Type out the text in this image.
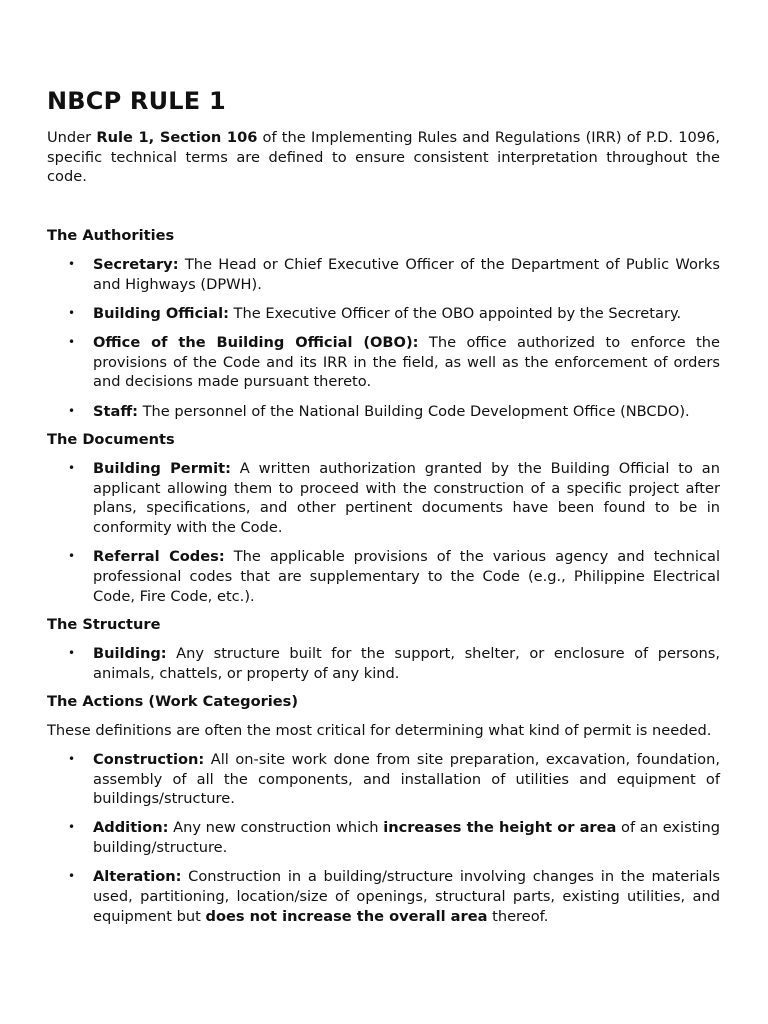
NBCP RULE 1

Under Rule 1, Section 106 of the Implementing Rules and Regulations (IRR) of P.D. 1096, specific technical terms are defined to ensure consistent interpretation throughout the code.

The Authorities
• Secretary: The Head or Chief Executive Officer of the Department of Public Works and Highways (DPWH).
• Building Official: The Executive Officer of the OBO appointed by the Secretary.
• Office of the Building Official (OBO): The office authorized to enforce the provisions of the Code and its IRR in the field, as well as the enforcement of orders and decisions made pursuant thereto.
• Staff: The personnel of the National Building Code Development Office (NBCDO).
The Documents
• Building Permit: A written authorization granted by the Building Official to an applicant allowing them to proceed with the construction of a specific project after plans, specifications, and other pertinent documents have been found to be in conformity with the Code.
• Referral Codes: The applicable provisions of the various agency and technical professional codes that are supplementary to the Code (e.g., Philippine Electrical Code, Fire Code, etc.).
The Structure
• Building: Any structure built for the support, shelter, or enclosure of persons, animals, chattels, or property of any kind.
The Actions (Work Categories)

These definitions are often the most critical for determining what kind of permit is needed.

• Construction: All on-site work done from site preparation, excavation, foundation, assembly of all the components, and installation of utilities and equipment of buildings/structure.
• Addition: Any new construction which increases the height or area of an existing building/structure.
• Alteration: Construction in a building/structure involving changes in the materials used, partitioning, location/size of openings, structural parts, existing utilities, and equipment but does not increase the overall area thereof.
